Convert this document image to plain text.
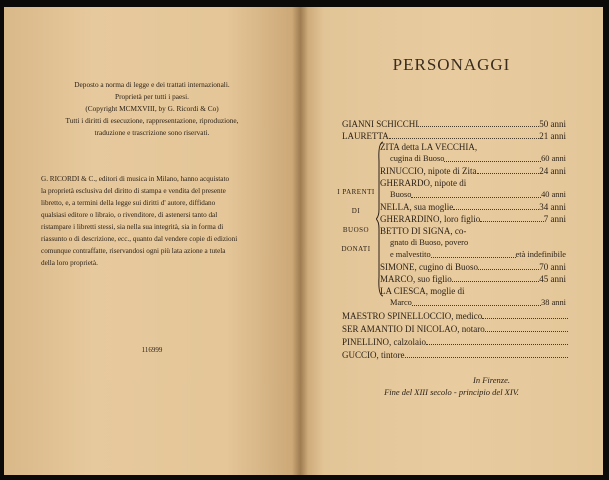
Deposto a norma di legge e dei trattati internazionali.
Proprietà per tutti i paesi.
(Copyright MCMXVIII, by G. Ricordi & Co)
Tutti i diritti di esecuzione, rappresentazione, riproduzione,
traduzione e trascrizione sono riservati.
G. RICORDI & C., editori di musica in Milano, hanno acquistato
la proprietà esclusiva del diritto di stampa e vendita del presente
libretto, e, a termini della legge sui diritti d' autore, diffidano
qualsiasi editore o libraio, o rivenditore, di astenersi tanto dal
ristampare i libretti stessi, sia nella sua integrità, sia in forma di
riassunto o di descrizione, ecc., quanto dal vendere copie di edizioni
comunque contraffatte, riservandosi ogni più lata azione a tutela
della loro proprietà.
116999
PERSONAGGI
GIANNI SCHICCHI	50 anni
LAURETTA	21 anni
I PARENTI
DI
BUOSO
DONATI
ZITA detta LA VECCHIA,
cugina di Buoso	60 anni
RINUCCIO, nipote di Zita	24 anni
GHERARDO, nipote di
Buoso	40 anni
NELLA, sua moglie	34 anni
GHERARDINO, loro figlio	7 anni
BETTO DI SIGNA, co-
gnato di Buoso, povero
e malvestito	età indefinibile
SIMONE, cugino di Buoso	70 anni
MARCO, suo figlio	45 anni
LA CIESCA, moglie di
Marco	38 anni
MAESTRO SPINELLOCCIO, medico
SER AMANTIO DI NICOLAO, notaro
PINELLINO, calzolaio
GUCCIO, tintore
In Firenze.
Fine del XIII secolo - principio del XIV.
